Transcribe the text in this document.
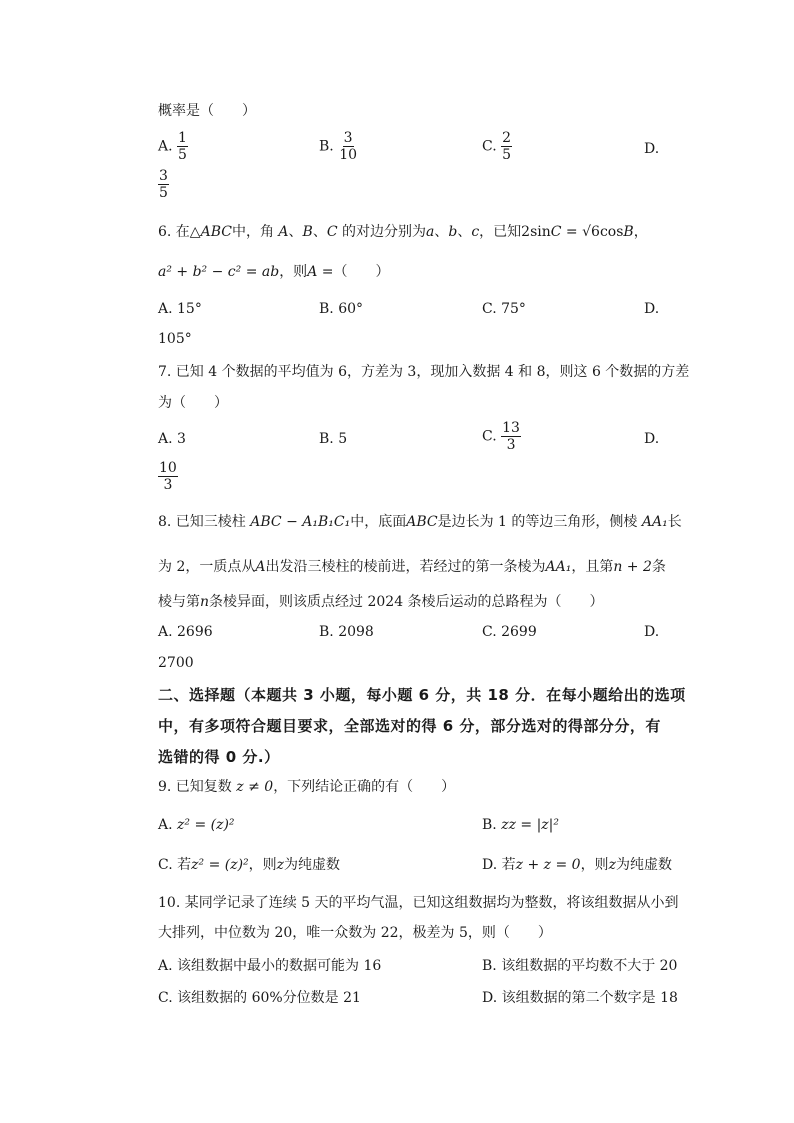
概率是（　　）
A. $\frac{1}{5}$	B. $\frac{3}{10}$	C. $\frac{2}{5}$	D.
$\frac{3}{5}$
6. 在△ABC中，角 A、B、C 的对边分别为a、b、c，已知2sinC = √6cosB，
a² + b² − c² = ab，则A =（　　）
A. 15°	B. 60°	C. 75°	D.
105°
7. 已知 4 个数据的平均值为 6，方差为 3，现加入数据 4 和 8，则这 6 个数据的方差
为（　　）
A. 3	B. 5	C. $\frac{13}{3}$	D.
$\frac{10}{3}$
8. 已知三棱柱 ABC − A₁B₁C₁中，底面ABC是边长为 1 的等边三角形，侧棱 AA₁长
为 2，一质点从A出发沿三棱柱的棱前进，若经过的第一条棱为AA₁，且第n + 2条
棱与第n条棱异面，则该质点经过 2024 条棱后运动的总路程为（　　）
A. 2696	B. 2098	C. 2699	D.
2700
二、选择题（本题共 3 小题，每小题 6 分，共 18 分．在每小题给出的选项
中，有多项符合题目要求，全部选对的得 6 分，部分选对的得部分分，有
选错的得 0 分.）
9. 已知复数 z ≠ 0，下列结论正确的有（　　）
A. z² = (z)²	B. zz = |z|²
C. 若z² = (z)²，则z为纯虚数	D. 若z + z = 0，则z为纯虚数
10. 某同学记录了连续 5 天的平均气温，已知这组数据均为整数，将该组数据从小到
大排列，中位数为 20，唯一众数为 22，极差为 5，则（　　）
A. 该组数据中最小的数据可能为 16	B. 该组数据的平均数不大于 20
C. 该组数据的 60%分位数是 21	D. 该组数据的第二个数字是 18
